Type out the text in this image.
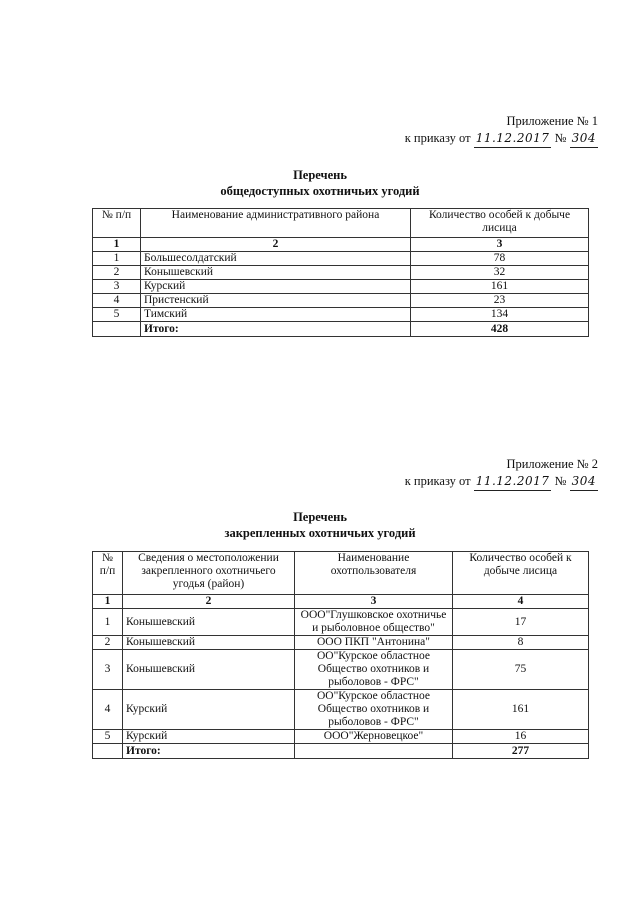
Приложение № 1
к приказу от 11.12.2017 № 304
Перечень
общедоступных охотничьих угодий
№ п/п	Наименование административного района	Количество особей к добыче лисица
1	2	3
1	Большесолдатский	78
2	Конышевский	32
3	Курский	161
4	Пристенский	23
5	Тимский	134
	Итого:	428
Приложение № 2
к приказу от 11.12.2017 № 304
Перечень
закрепленных охотничьих угодий
№ п/п	Сведения о местоположении закрепленного охотничьего угодья (район)	Наименование охотпользователя	Количество особей к добыче лисица
1	2	3	4
1	Конышевский	ООО"Глушковское охотничье и рыболовное общество"	17
2	Конышевский	ООО ПКП "Антонина"	8
3	Конышевский	ОО"Курское областное Общество охотников и рыболовов - ФРС"	75
4	Курский	ОО"Курское областное Общество охотников и рыболовов - ФРС"	161
5	Курский	ООО"Жерновецкое"	16
	Итого:		277
